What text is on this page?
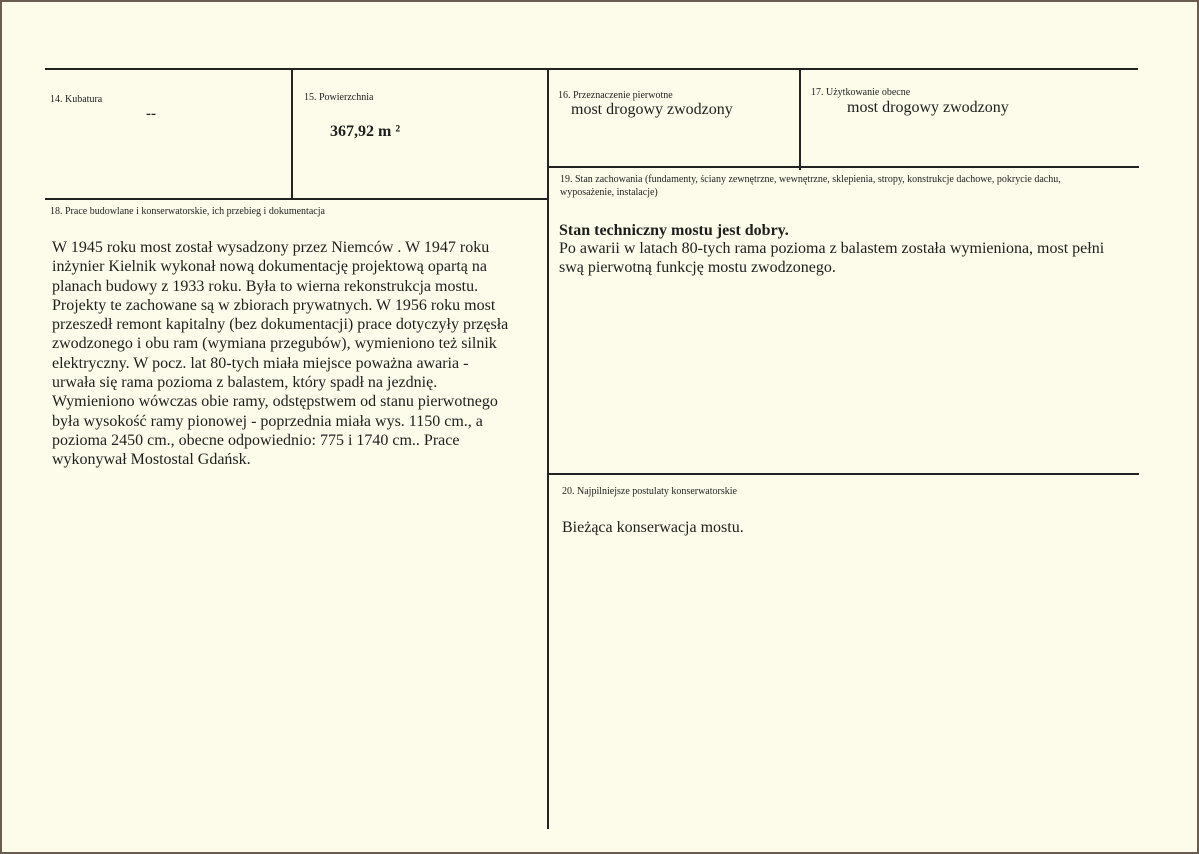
14. Kubatura
--
15. Powierzchnia
367,92 m ²
16. Przeznaczenie pierwotne
most drogowy zwodzony
17. Użytkowanie obecne
most drogowy zwodzony
18. Prace budowlane i konserwatorskie, ich przebieg i dokumentacja
W 1945 roku most został wysadzony przez Niemców . W 1947 roku
inżynier Kielnik wykonał nową dokumentację projektową opartą na
planach budowy z 1933 roku. Była to wierna rekonstrukcja mostu.
Projekty te zachowane są w zbiorach prywatnych. W 1956 roku most
przeszedł remont kapitalny (bez dokumentacji) prace dotyczyły przęsła
zwodzonego i obu ram (wymiana przegubów), wymieniono też silnik
elektryczny. W pocz. lat 80-tych miała miejsce poważna awaria -
urwała się rama pozioma z balastem, który spadł na jezdnię.
Wymieniono wówczas obie ramy, odstępstwem od stanu pierwotnego
była wysokość ramy pionowej - poprzednia miała wys. 1150 cm., a
pozioma 2450 cm., obecne odpowiednio: 775 i 1740 cm.. Prace
wykonywał Mostostal Gdańsk.
19. Stan zachowania (fundamenty, ściany zewnętrzne, wewnętrzne, sklepienia, stropy, konstrukcje dachowe, pokrycie dachu,
wyposażenie, instalacje)
Stan techniczny mostu jest dobry.
Po awarii w latach 80-tych rama pozioma z balastem została wymieniona, most pełni
swą pierwotną funkcję mostu zwodzonego.
20. Najpilniejsze postulaty konserwatorskie
Bieżąca konserwacja mostu.
